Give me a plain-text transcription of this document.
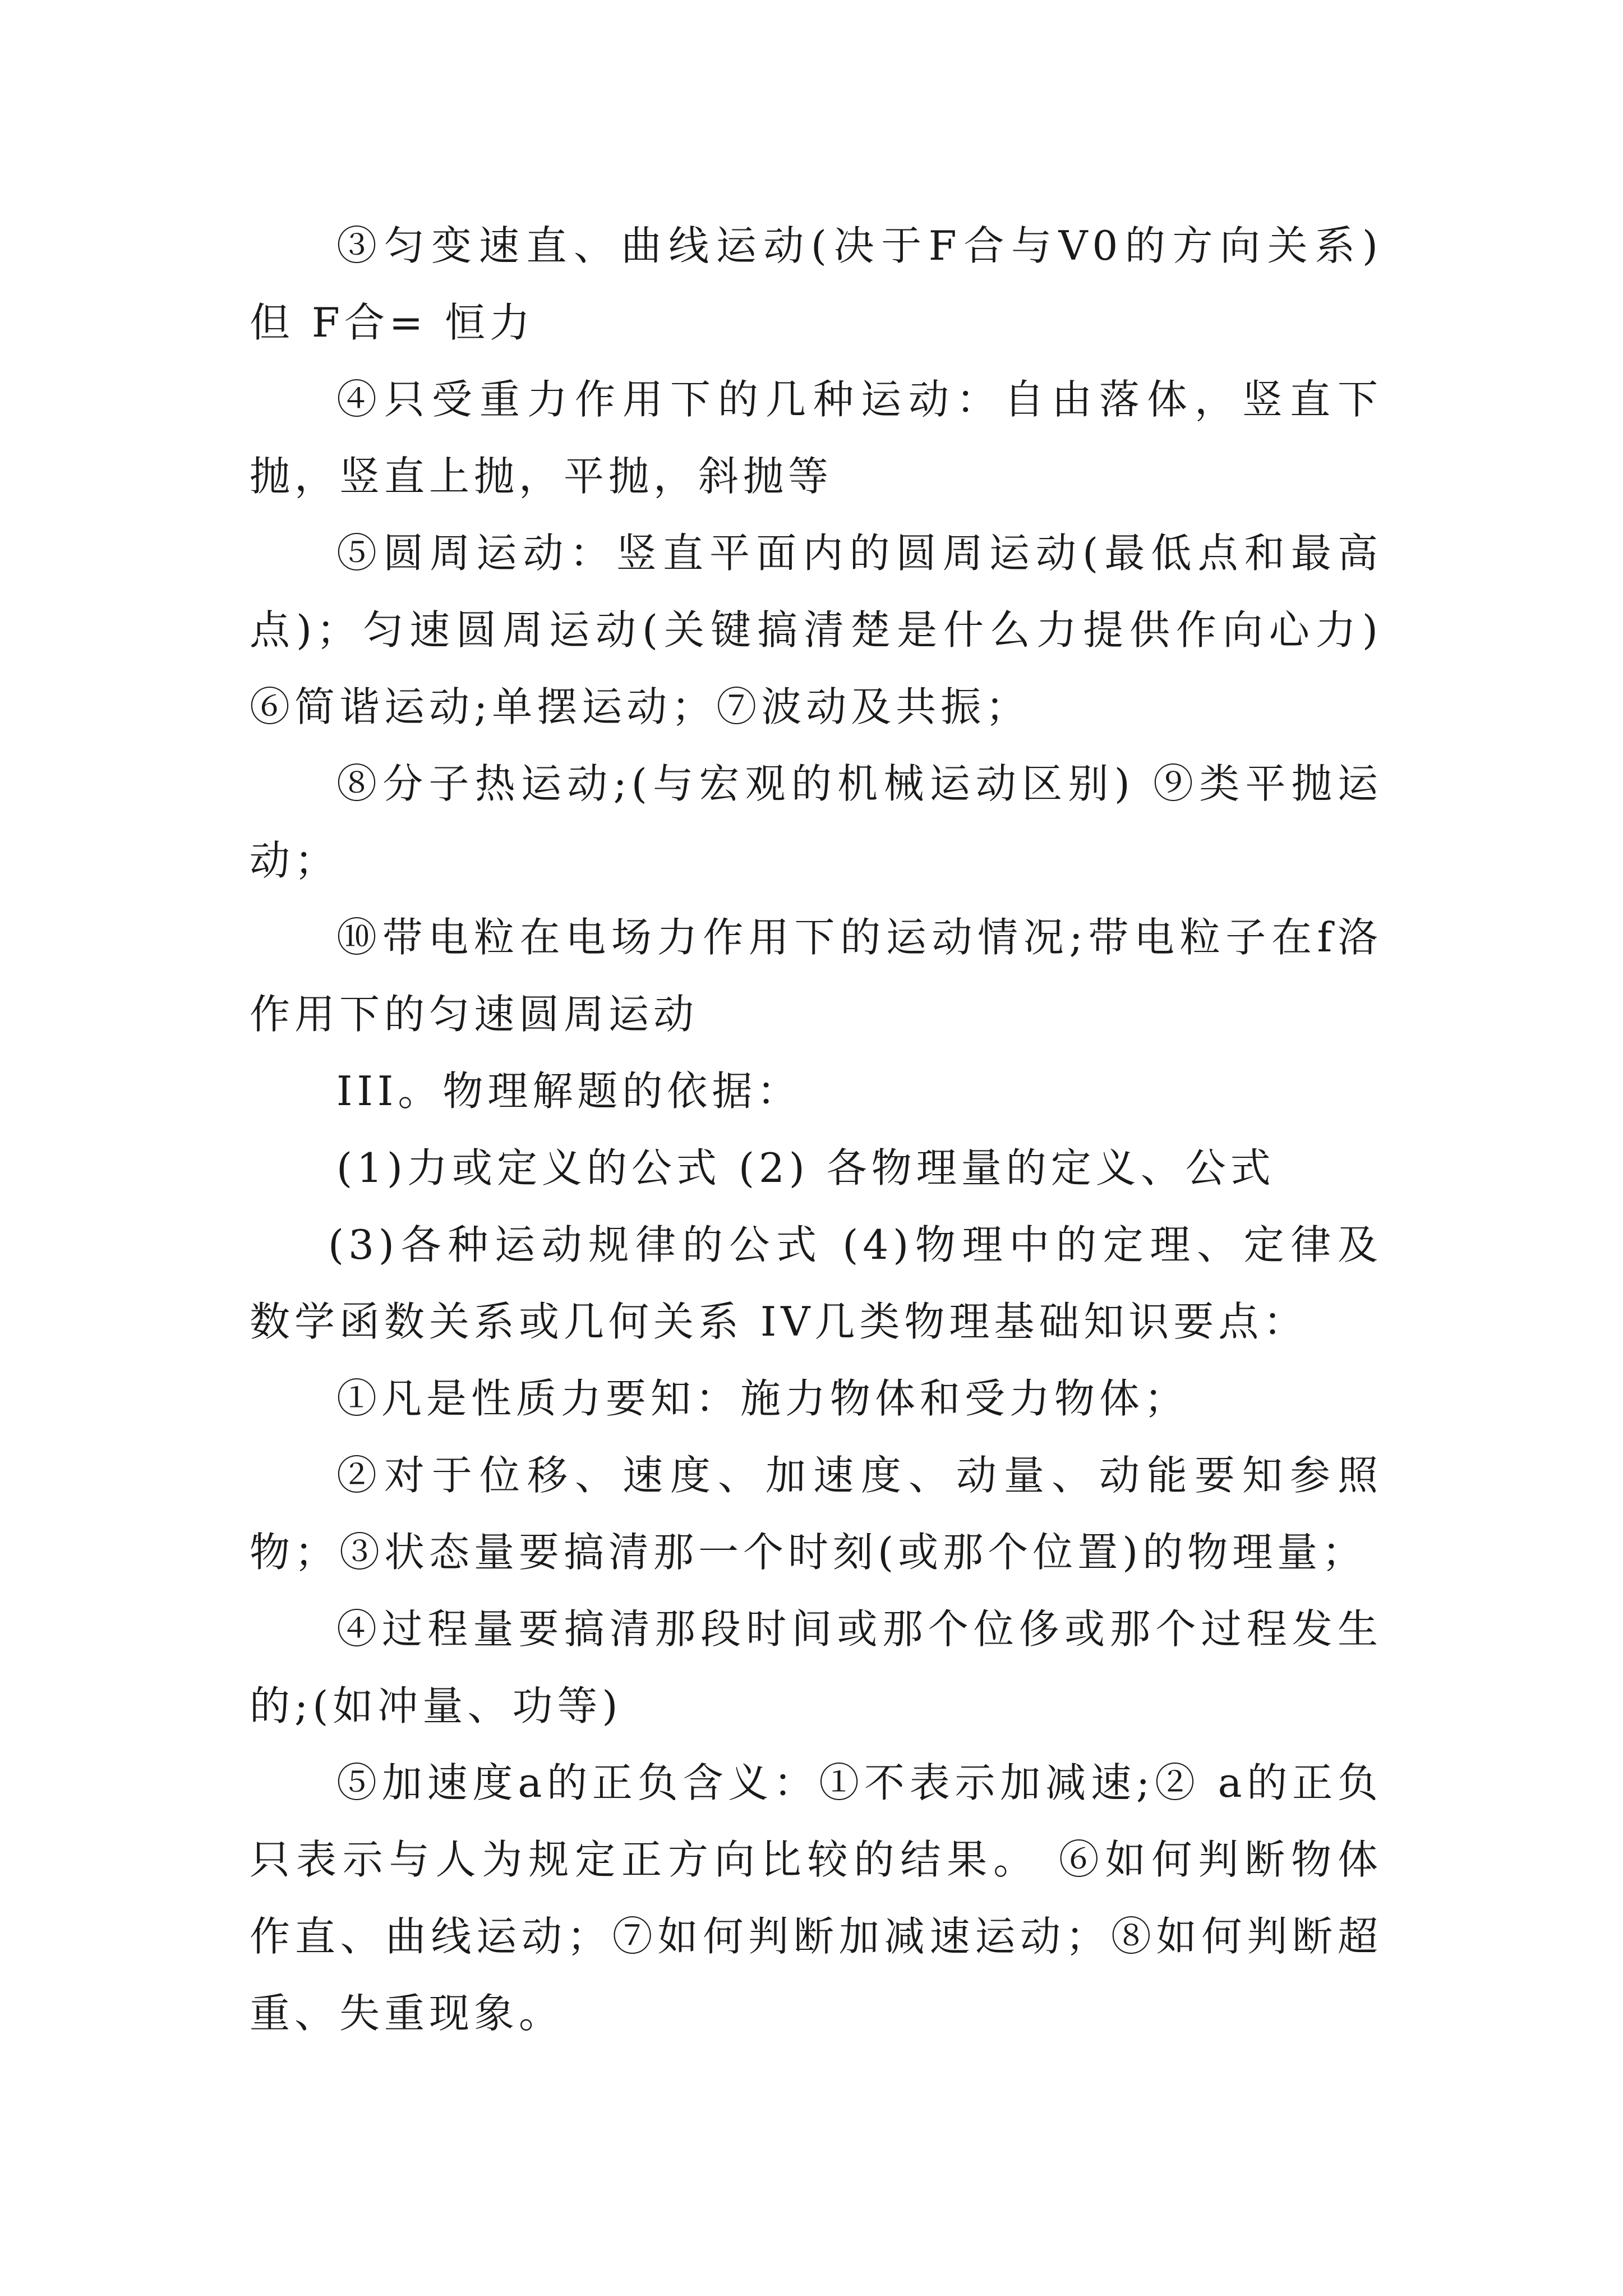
③匀变速直、曲线运动(决于F合与V0的方向关系) 但 F合= 恒力

④只受重力作用下的几种运动：自由落体，竖直下抛，竖直上抛，平抛，斜抛等

⑤圆周运动：竖直平面内的圆周运动(最低点和最高点)；匀速圆周运动(关键搞清楚是什么力提供作向心力) ⑥简谐运动;单摆运动；⑦波动及共振；

⑧分子热运动;(与宏观的机械运动区别) ⑨类平抛运动；

⑩带电粒在电场力作用下的运动情况;带电粒子在f洛作用下的匀速圆周运动

III。物理解题的依据：

(1)力或定义的公式 (2) 各物理量的定义、公式

(3)各种运动规律的公式 (4)物理中的定理、定律及数学函数关系或几何关系 IV几类物理基础知识要点：

①凡是性质力要知：施力物体和受力物体；

②对于位移、速度、加速度、动量、动能要知参照物；③状态量要搞清那一个时刻(或那个位置)的物理量；

④过程量要搞清那段时间或那个位侈或那个过程发生的;(如冲量、功等)

⑤加速度a的正负含义：①不表示加减速;② a的正负只表示与人为规定正方向比较的结果。 ⑥如何判断物体作直、曲线运动；⑦如何判断加减速运动；⑧如何判断超重、失重现象。
